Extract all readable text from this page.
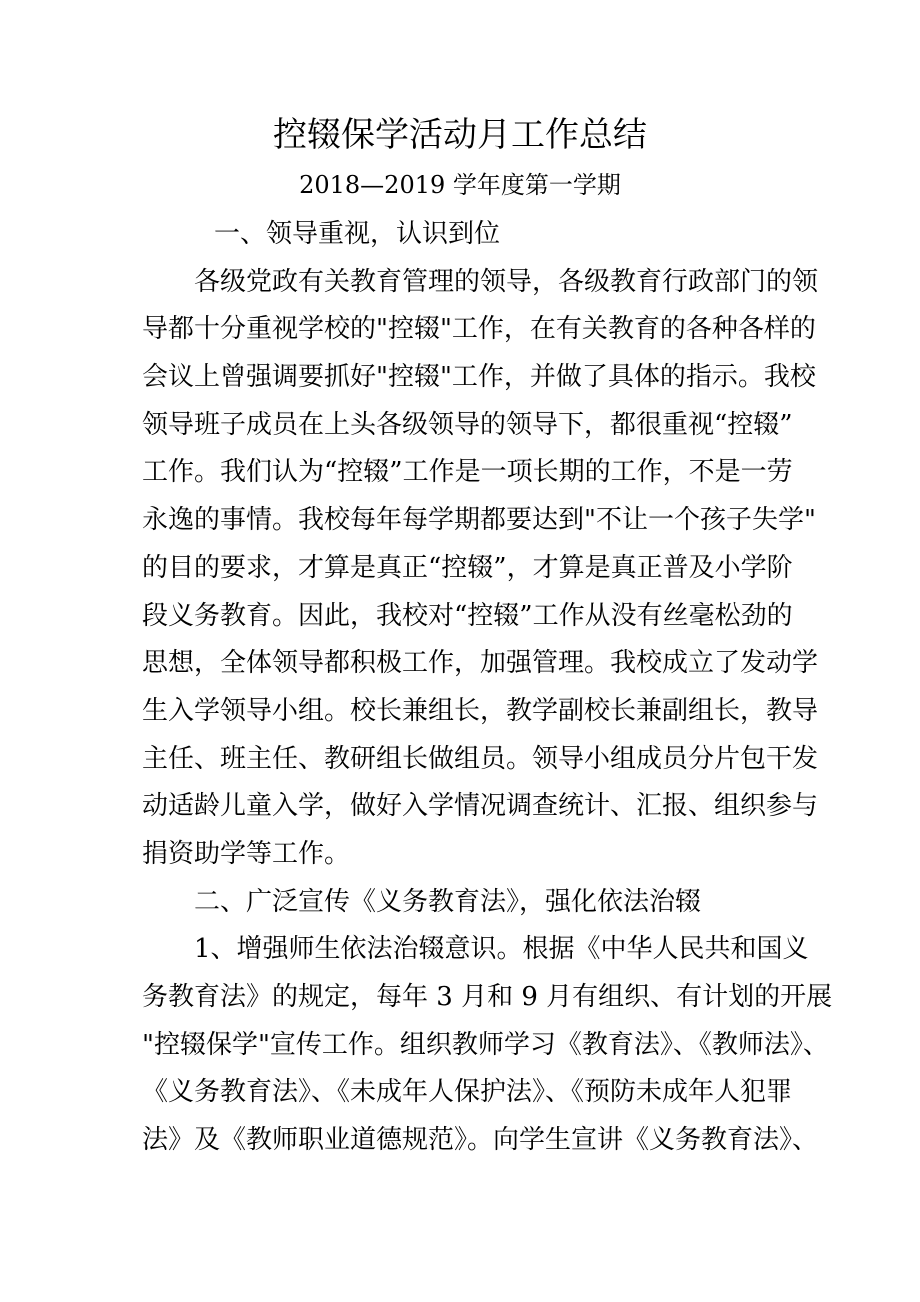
控辍保学活动月工作总结
2018—2019 学年度第一学期
一、领导重视，认识到位
各级党政有关教育管理的领导，各级教育行政部门的领
导都十分重视学校的"控辍"工作，在有关教育的各种各样的
会议上曾强调要抓好"控辍"工作，并做了具体的指示。我校
领导班子成员在上头各级领导的领导下，都很重视“控辍”
工作。我们认为“控辍”工作是一项长期的工作，不是一劳
永逸的事情。我校每年每学期都要达到"不让一个孩子失学"
的目的要求，才算是真正“控辍”，才算是真正普及小学阶
段义务教育。因此，我校对“控辍”工作从没有丝毫松劲的
思想，全体领导都积极工作，加强管理。我校成立了发动学
生入学领导小组。校长兼组长，教学副校长兼副组长，教导
主任、班主任、教研组长做组员。领导小组成员分片包干发
动适龄儿童入学，做好入学情况调查统计、汇报、组织参与
捐资助学等工作。
二、广泛宣传《义务教育法》，强化依法治辍
1、增强师生依法治辍意识。根据《中华人民共和国义
务教育法》的规定，每年 3 月和 9 月有组织、有计划的开展
"控辍保学"宣传工作。组织教师学习《教育法》、《教师法》、
《义务教育法》、《未成年人保护法》、《预防未成年人犯罪
法》及《教师职业道德规范》。向学生宣讲《义务教育法》、
